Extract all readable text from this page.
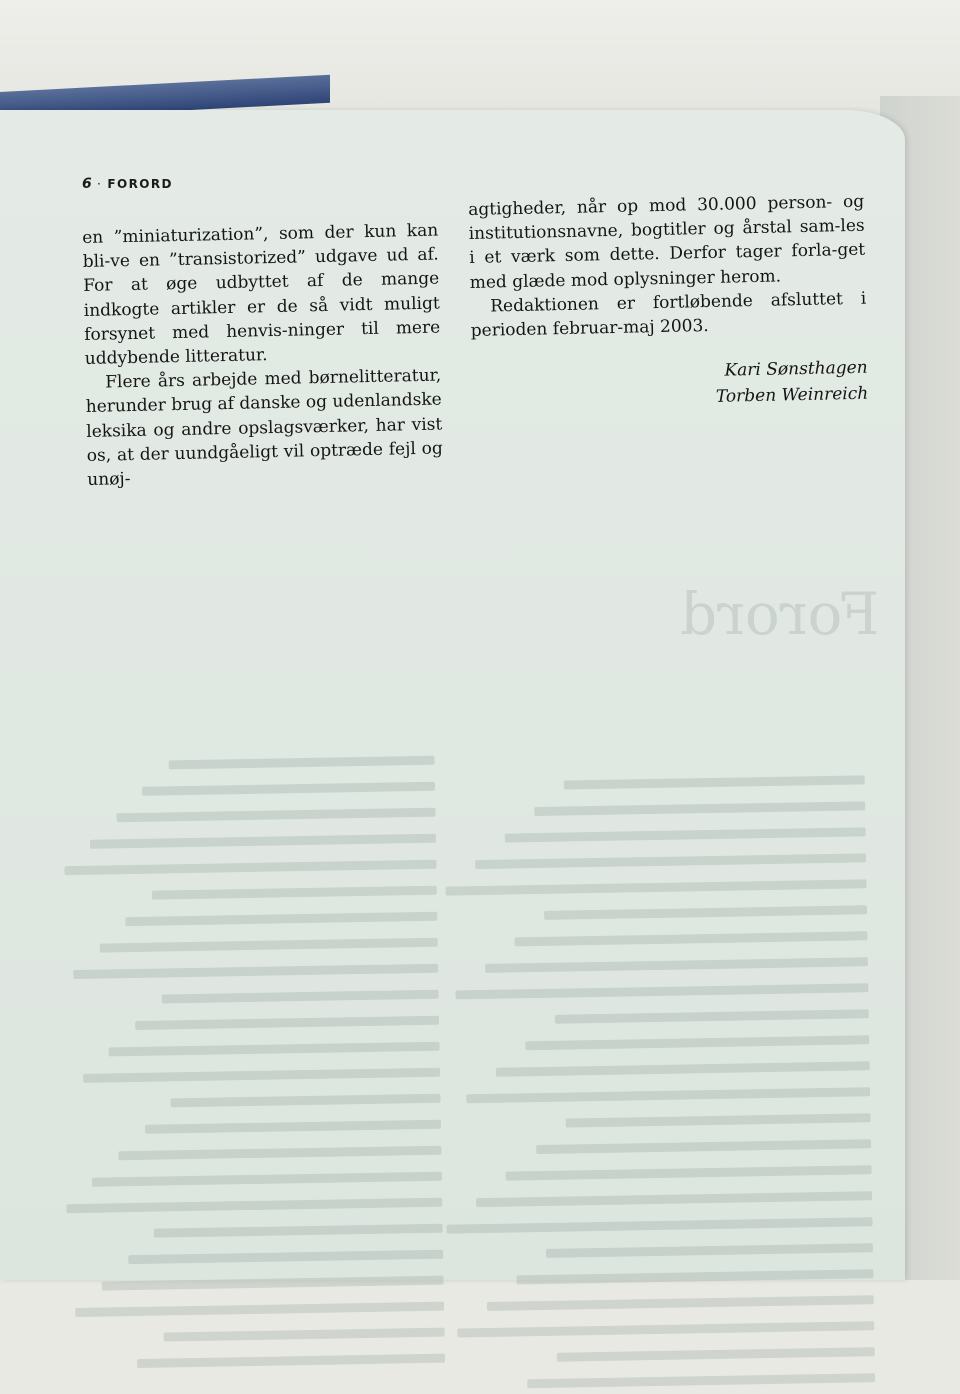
Forord
6 · FORORD

en ”miniaturization”, som der kun kan bli-ve en ”transistorized” udgave ud af. For at øge udbyttet af de mange indkogte artikler er de så vidt muligt forsynet med henvis-ninger til mere uddybende litteratur.

Flere års arbejde med børnelitteratur, herunder brug af danske og udenlandske leksika og andre opslagsværker, har vist os, at der uundgåeligt vil optræde fejl og unøj-

agtigheder, når op mod 30.000 person- og institutionsnavne, bogtitler og årstal sam-les i et værk som dette. Derfor tager forla-get med glæde mod oplysninger herom.

Redaktionen er fortløbende afsluttet i perioden februar-maj 2003.

Kari Sønsthagen
Torben Weinreich
